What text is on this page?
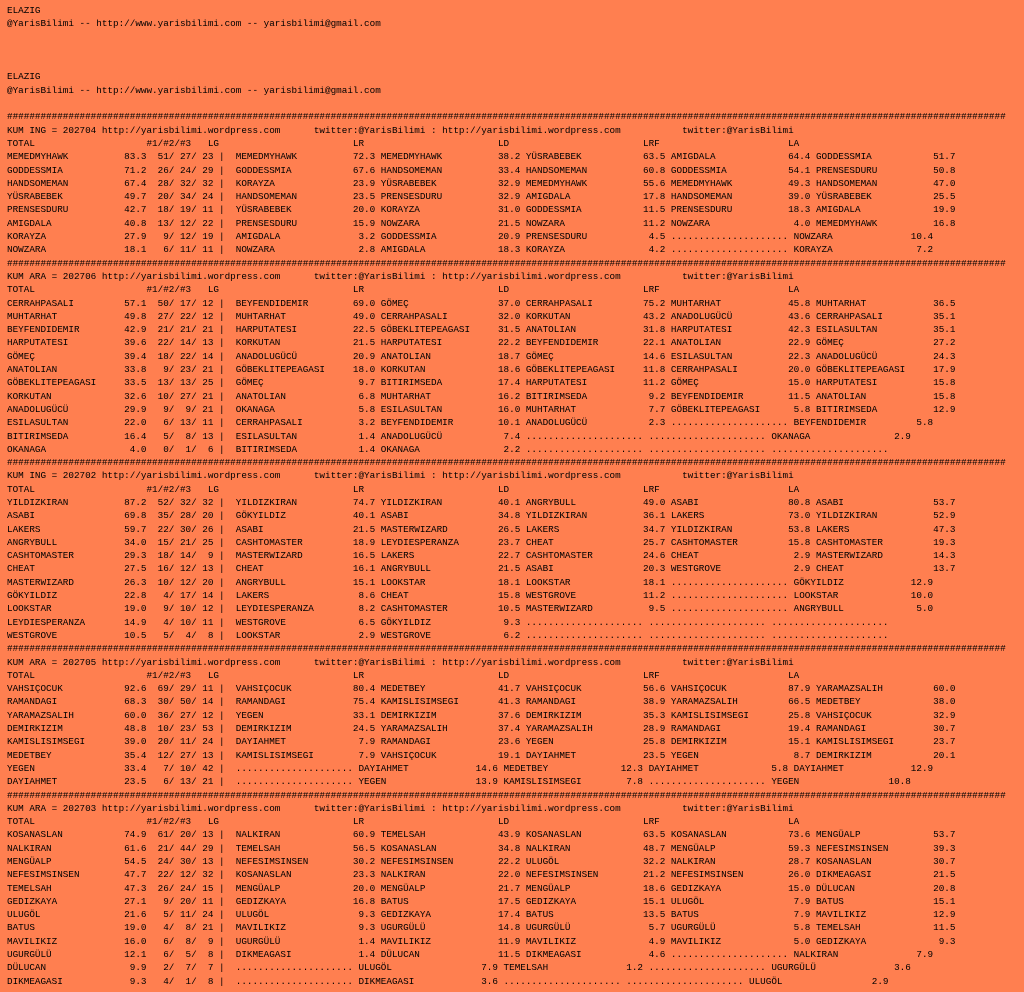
ELAZIG
@YarisBilimi -- http://www.yarisbilimi.com -- yarisbilimi@gmail.com

ELAZIG
@YarisBilimi -- http://www.yarisbilimi.com -- yarisbilimi@gmail.com

###################################################################################################################################################################################
KUM ING = 202704 http://yarisbilimi.wordpress.com      twitter:@YarisBilimi : http://yarisbilimi.wordpress.com           twitter:@YarisBilimi
TOTAL                    #1/#2/#3   LG                        LR                        LD                        LRF                       LA
MEMEDMYHAWK          83.3  51/ 27/ 23 |  MEMEDMYHAWK          72.3 MEMEDMYHAWK          38.2 YÜSRABEBEK           63.5 AMIGDALA             64.4 GODDESSMIA           51.7
GODDESSMIA           71.2  26/ 24/ 29 |  GODDESSMIA           67.6 HANDSOMEMAN          33.4 HANDSOMEMAN          60.8 GODDESSMIA           54.1 PRENSESDURU          50.8
HANDSOMEMAN          67.4  28/ 32/ 32 |  KORAYZA              23.9 YÜSRABEBEK           32.9 MEMEDMYHAWK          55.6 MEMEDMYHAWK          49.3 HANDSOMEMAN          47.0
YÜSRABEBEK           49.7  20/ 34/ 24 |  HANDSOMEMAN          23.5 PRENSESDURU          32.9 AMIGDALA             17.8 HANDSOMEMAN          39.0 YÜSRABEBEK           25.5
PRENSESDURU          42.7  18/ 19/ 11 |  YÜSRABEBEK           20.0 KORAYZA              31.0 GODDESSMIA           11.5 PRENSESDURU          18.3 AMIGDALA             19.9
AMIGDALA             40.8  13/ 12/ 22 |  PRENSESDURU          15.9 NOWZARA              21.5 NOWZARA              11.2 NOWZARA               4.0 MEMEDMYHAWK          16.8
KORAYZA              27.9   9/ 12/ 19 |  AMIGDALA              3.2 GODDESSMIA           20.9 PRENSESDURU           4.5 ..................... NOWZARA              10.4
NOWZARA              18.1   6/ 11/ 11 |  NOWZARA               2.8 AMIGDALA             18.3 KORAYZA               4.2 ..................... KORAYZA               7.2
###################################################################################################################################################################################
KUM ARA = 202706 http://yarisbilimi.wordpress.com      twitter:@YarisBilimi : http://yarisbilimi.wordpress.com           twitter:@YarisBilimi
TOTAL                    #1/#2/#3   LG                        LR                        LD                        LRF                       LA
CERRAHPASALI         57.1  50/ 17/ 12 |  BEYFENDIDEMIR        69.0 GÖMEÇ                37.0 CERRAHPASALI         75.2 MUHTARHAT            45.8 MUHTARHAT            36.5
MUHTARHAT            49.8  27/ 22/ 12 |  MUHTARHAT            49.0 CERRAHPASALI         32.0 KORKUTAN             43.2 ANADOLUGÜCÜ          43.6 CERRAHPASALI         35.1
BEYFENDIDEMIR        42.9  21/ 21/ 21 |  HARPUTATESI          22.5 GÖBEKLITEPEAGASI     31.5 ANATOLIAN            31.8 HARPUTATESI          42.3 ESILASULTAN          35.1
HARPUTATESI          39.6  22/ 14/ 13 |  KORKUTAN             21.5 HARPUTATESI          22.2 BEYFENDIDEMIR        22.1 ANATOLIAN            22.9 GÖMEÇ                27.2
GÖMEÇ                39.4  18/ 22/ 14 |  ANADOLUGÜCÜ          20.9 ANATOLIAN            18.7 GÖMEÇ                14.6 ESILASULTAN          22.3 ANADOLUGÜCÜ          24.3
ANATOLIAN            33.8   9/ 23/ 21 |  GÖBEKLITEPEAGASI     18.0 KORKUTAN             18.6 GÖBEKLITEPEAGASI     11.8 CERRAHPASALI         20.0 GÖBEKLITEPEAGASI     17.9
GÖBEKLITEPEAGASI     33.5  13/ 13/ 25 |  GÖMEÇ                 9.7 BITIRIMSEDA          17.4 HARPUTATESI          11.2 GÖMEÇ                15.0 HARPUTATESI          15.8
KORKUTAN             32.6  10/ 27/ 21 |  ANATOLIAN             6.8 MUHTARHAT            16.2 BITIRIMSEDA           9.2 BEYFENDIDEMIR        11.5 ANATOLIAN            15.8
ANADOLUGÜCÜ          29.9   9/  9/ 21 |  OKANAGA               5.8 ESILASULTAN          16.0 MUHTARHAT             7.7 GÖBEKLITEPEAGASI      5.8 BITIRIMSEDA          12.9
ESILASULTAN          22.0   6/ 13/ 11 |  CERRAHPASALI          3.2 BEYFENDIDEMIR        10.1 ANADOLUGÜCÜ           2.3 ..................... BEYFENDIDEMIR         5.8
BITIRIMSEDA          16.4   5/  8/ 13 |  ESILASULTAN           1.4 ANADOLUGÜCÜ           7.4 ..................... ..................... OKANAGA               2.9
OKANAGA               4.0   0/  1/  6 |  BITIRIMSEDA           1.4 OKANAGA               2.2 ..................... ..................... .....................
###################################################################################################################################################################################
KUM ING = 202702 http://yarisbilimi.wordpress.com      twitter:@YarisBilimi : http://yarisbilimi.wordpress.com           twitter:@YarisBilimi
TOTAL                    #1/#2/#3   LG                        LR                        LD                        LRF                       LA
YILDIZKIRAN          87.2  52/ 32/ 32 |  YILDIZKIRAN          74.7 YILDIZKIRAN          40.1 ANGRYBULL            49.0 ASABI                80.8 ASABI                53.7
ASABI                69.8  35/ 28/ 20 |  GÖKYILDIZ            40.1 ASABI                34.8 YILDIZKIRAN          36.1 LAKERS               73.0 YILDIZKIRAN          52.9
LAKERS               59.7  22/ 30/ 26 |  ASABI                21.5 MASTERWIZARD         26.5 LAKERS               34.7 YILDIZKIRAN          53.8 LAKERS               47.3
ANGRYBULL            34.0  15/ 21/ 25 |  CASHTOMASTER         18.9 LEYDIESPERANZA       23.7 CHEAT                25.7 CASHTOMASTER         15.8 CASHTOMASTER         19.3
CASHTOMASTER         29.3  18/ 14/  9 |  MASTERWIZARD         16.5 LAKERS               22.7 CASHTOMASTER         24.6 CHEAT                 2.9 MASTERWIZARD         14.3
CHEAT                27.5  16/ 12/ 13 |  CHEAT                16.1 ANGRYBULL            21.5 ASABI                20.3 WESTGROVE             2.9 CHEAT                13.7
MASTERWIZARD         26.3  10/ 12/ 20 |  ANGRYBULL            15.1 LOOKSTAR             18.1 LOOKSTAR             18.1 ..................... GÖKYILDIZ            12.9
GÖKYILDIZ            22.8   4/ 17/ 14 |  LAKERS                8.6 CHEAT                15.8 WESTGROVE            11.2 ..................... LOOKSTAR             10.0
LOOKSTAR             19.0   9/ 10/ 12 |  LEYDIESPERANZA        8.2 CASHTOMASTER         10.5 MASTERWIZARD          9.5 ..................... ANGRYBULL             5.0
LEYDIESPERANZA       14.9   4/ 10/ 11 |  WESTGROVE             6.5 GÖKYILDIZ             9.3 ..................... ..................... .....................
WESTGROVE            10.5   5/  4/  8 |  LOOKSTAR              2.9 WESTGROVE             6.2 ..................... ..................... .....................
###################################################################################################################################################################################
KUM ARA = 202705 http://yarisbilimi.wordpress.com      twitter:@YarisBilimi : http://yarisbilimi.wordpress.com           twitter:@YarisBilimi
TOTAL                    #1/#2/#3   LG                        LR                        LD                        LRF                       LA
VAHSIÇOCUK           92.6  69/ 29/ 11 |  VAHSIÇOCUK           80.4 MEDETBEY             41.7 VAHSIÇOCUK           56.6 VAHSIÇOCUK           87.9 YARAMAZSALIH         60.0
RAMANDAGI            68.3  30/ 50/ 14 |  RAMANDAGI            75.4 KAMISLISIMSEGI       41.3 RAMANDAGI            38.9 YARAMAZSALIH         66.5 MEDETBEY             38.0
YARAMAZSALIH         60.0  36/ 27/ 12 |  YEGEN                33.1 DEMIRKIZIM           37.6 DEMIRKIZIM           35.3 KAMISLISIMSEGI       25.8 VAHSIÇOCUK           32.9
DEMIRKIZIM           48.8  10/ 23/ 53 |  DEMIRKIZIM           24.5 YARAMAZSALIH         37.4 YARAMAZSALIH         28.9 RAMANDAGI            19.4 RAMANDAGI            30.7
KAMISLISIMSEGI       39.0  20/ 11/ 24 |  DAYIAHMET             7.9 RAMANDAGI            23.6 YEGEN                25.8 DEMIRKIZIM           15.1 KAMISLISIMSEGI       23.7
MEDETBEY             35.4  12/ 27/ 13 |  KAMISLISIMSEGI        7.9 VAHSIÇOCUK           19.1 DAYIAHMET            23.5 YEGEN                 8.7 DEMIRKIZIM           20.1
YEGEN                33.4   7/ 10/ 42 |  ..................... DAYIAHMET            14.6 MEDETBEY             12.3 DAYIAHMET             5.8 DAYIAHMET            12.9
DAYIAHMET            23.5   6/ 13/ 21 |  ..................... YEGEN                13.9 KAMISLISIMSEGI        7.8 ..................... YEGEN                10.8
###################################################################################################################################################################################
KUM ARA = 202703 http://yarisbilimi.wordpress.com      twitter:@YarisBilimi : http://yarisbilimi.wordpress.com           twitter:@YarisBilimi
TOTAL                    #1/#2/#3   LG                        LR                        LD                        LRF                       LA
KOSANASLAN           74.9  61/ 20/ 13 |  NALKIRAN             60.9 TEMELSAH             43.9 KOSANASLAN           63.5 KOSANASLAN           73.6 MENGÜALP             53.7
NALKIRAN             61.6  21/ 44/ 29 |  TEMELSAH             56.5 KOSANASLAN           34.8 NALKIRAN             48.7 MENGÜALP             59.3 NEFESIMSINSEN        39.3
MENGÜALP             54.5  24/ 30/ 13 |  NEFESIMSINSEN        30.2 NEFESIMSINSEN        22.2 ULUGÖL               32.2 NALKIRAN             28.7 KOSANASLAN           30.7
NEFESIMSINSEN        47.7  22/ 12/ 32 |  KOSANASLAN           23.3 NALKIRAN             22.0 NEFESIMSINSEN        21.2 NEFESIMSINSEN        26.0 DIKMEAGASI           21.5
TEMELSAH             47.3  26/ 24/ 15 |  MENGÜALP             20.0 MENGÜALP             21.7 MENGÜALP             18.6 GEDIZKAYA            15.0 DÜLUCAN              20.8
GEDIZKAYA            27.1   9/ 20/ 11 |  GEDIZKAYA            16.8 BATUS                17.5 GEDIZKAYA            15.1 ULUGÖL                7.9 BATUS                15.1
ULUGÖL               21.6   5/ 11/ 24 |  ULUGÖL                9.3 GEDIZKAYA            17.4 BATUS                13.5 BATUS                 7.9 MAVILIKIZ            12.9
BATUS                19.0   4/  8/ 21 |  MAVILIKIZ             9.3 UGURGÜLÜ             14.8 UGURGÜLÜ              5.7 UGURGÜLÜ              5.8 TEMELSAH             11.5
MAVILIKIZ            16.0   6/  8/  9 |  UGURGÜLÜ              1.4 MAVILIKIZ            11.9 MAVILIKIZ             4.9 MAVILIKIZ             5.0 GEDIZKAYA             9.3
UGURGÜLÜ             12.1   6/  5/  8 |  DIKMEAGASI            1.4 DÜLUCAN              11.5 DIKMEAGASI            4.6 ..................... NALKIRAN              7.9
DÜLUCAN               9.9   2/  7/  7 |  ..................... ULUGÖL                7.9 TEMELSAH              1.2 ..................... UGURGÜLÜ              3.6
DIKMEAGASI            9.3   4/  1/  8 |  ..................... DIKMEAGASI            3.6 ..................... ..................... ULUGÖL                2.9
